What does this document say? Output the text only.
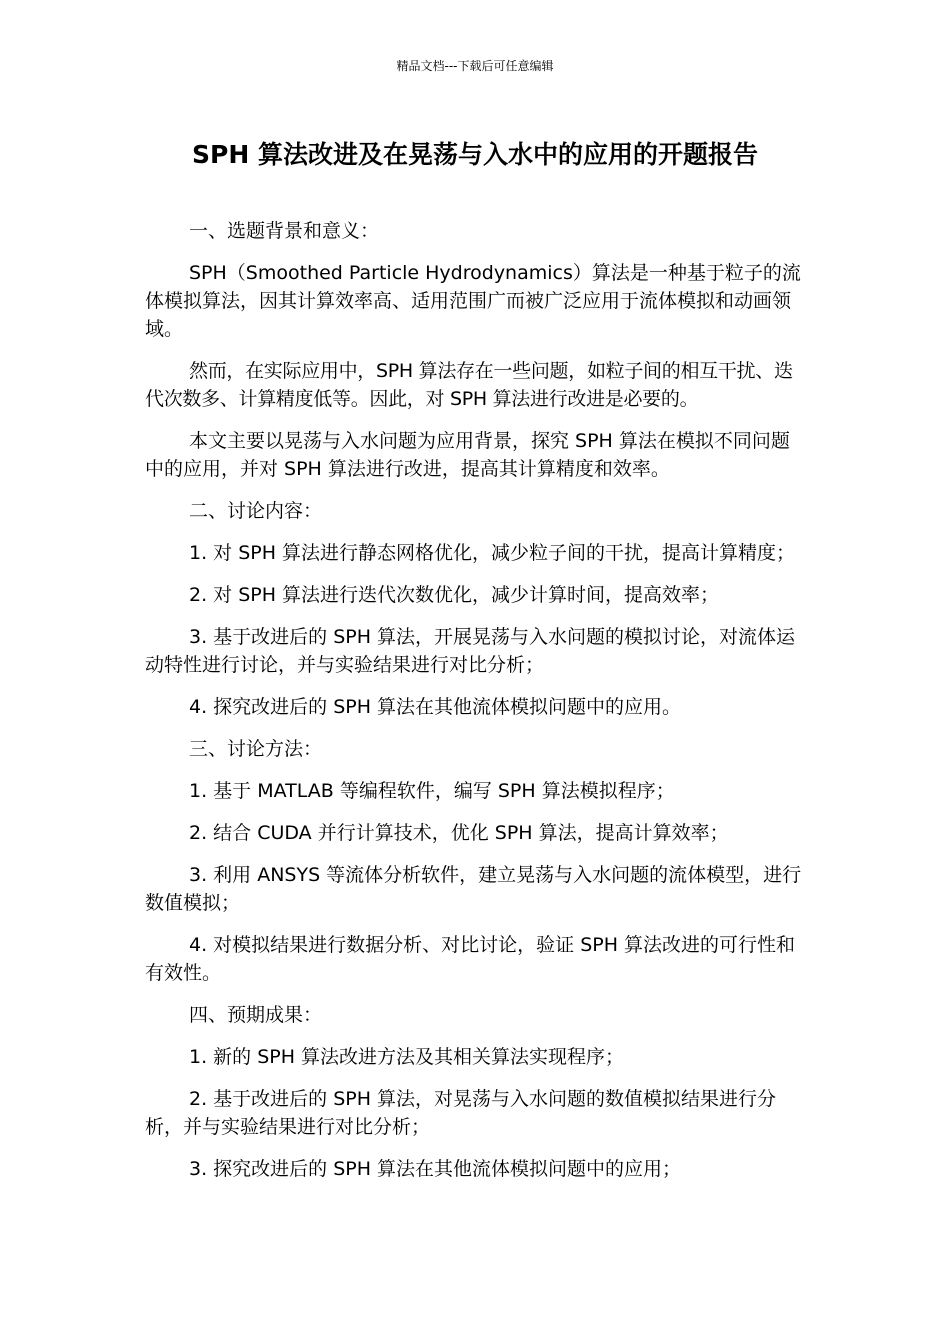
精品文档---下载后可任意编辑
SPH 算法改进及在晃荡与入水中的应用的开题报告

一、选题背景和意义：

SPH（Smoothed Particle Hydrodynamics）算法是一种基于粒子的流体模拟算法，因其计算效率高、适用范围广而被广泛应用于流体模拟和动画领域。

然而，在实际应用中，SPH 算法存在一些问题，如粒子间的相互干扰、迭代次数多、计算精度低等。因此，对 SPH 算法进行改进是必要的。

本文主要以晃荡与入水问题为应用背景，探究 SPH 算法在模拟不同问题中的应用，并对 SPH 算法进行改进，提高其计算精度和效率。

二、讨论内容：

1. 对 SPH 算法进行静态网格优化，减少粒子间的干扰，提高计算精度；

2. 对 SPH 算法进行迭代次数优化，减少计算时间，提高效率；

3. 基于改进后的 SPH 算法，开展晃荡与入水问题的模拟讨论，对流体运动特性进行讨论，并与实验结果进行对比分析；

4. 探究改进后的 SPH 算法在其他流体模拟问题中的应用。

三、讨论方法：

1. 基于 MATLAB 等编程软件，编写 SPH 算法模拟程序；

2. 结合 CUDA 并行计算技术，优化 SPH 算法，提高计算效率；

3. 利用 ANSYS 等流体分析软件，建立晃荡与入水问题的流体模型，进行数值模拟；

4. 对模拟结果进行数据分析、对比讨论，验证 SPH 算法改进的可行性和有效性。

四、预期成果：

1. 新的 SPH 算法改进方法及其相关算法实现程序；

2. 基于改进后的 SPH 算法，对晃荡与入水问题的数值模拟结果进行分析，并与实验结果进行对比分析；

3. 探究改进后的 SPH 算法在其他流体模拟问题中的应用；
